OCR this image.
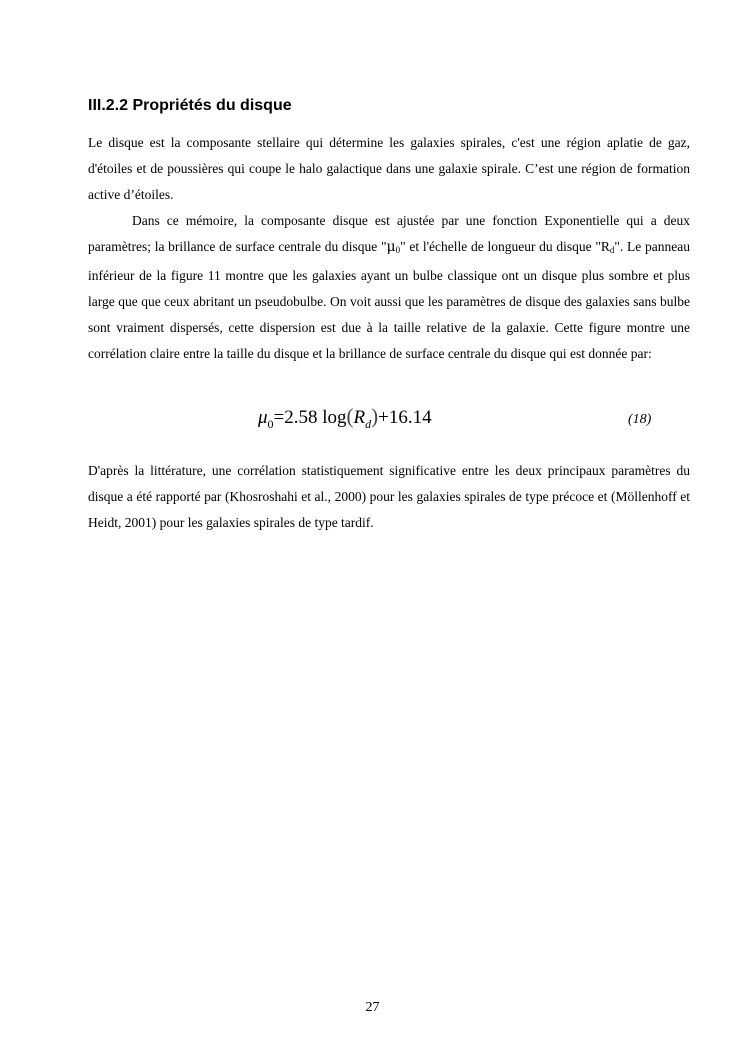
III.2.2 Propriétés du disque

Le disque est la composante stellaire qui détermine les galaxies spirales, c'est une région aplatie de gaz, d'étoiles et de poussières qui coupe le halo galactique dans une galaxie spirale. C’est une région de formation active d’étoiles.

Dans ce mémoire, la composante disque est ajustée par une fonction Exponentielle qui a deux paramètres; la brillance de surface centrale du disque "$\mu_0$" et l'échelle de longueur du disque "$R_d$". Le panneau inférieur de la figure 11 montre que les galaxies ayant un bulbe classique ont un disque plus sombre et plus large que que ceux abritant un pseudobulbe. On voit aussi que les paramètres de disque des galaxies sans bulbe sont vraiment dispersés, cette dispersion est due à la taille relative de la galaxie. Cette figure montre une corrélation claire entre la taille du disque et la brillance de surface centrale du disque qui est donnée par:

$\mu_0=2.58$ $\log(R_d)+16.14$	(18)

D'après la littérature, une corrélation statistiquement significative entre les deux principaux paramètres du disque a été rapporté par (Khosroshahi et al., 2000) pour les galaxies spirales de type précoce et (Möllenhoff et Heidt, 2001) pour les galaxies spirales de type tardif.

27
